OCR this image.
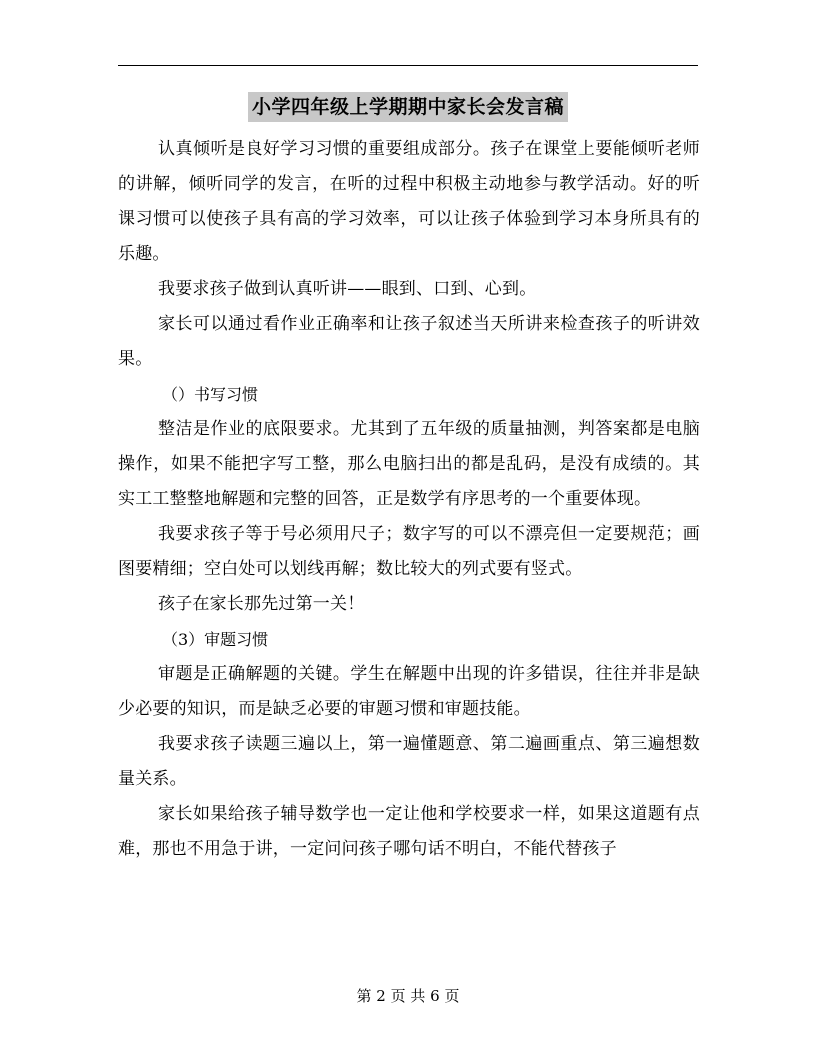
小学四年级上学期期中家长会发言稿

认真倾听是良好学习习惯的重要组成部分。孩子在课堂上要能倾听老师的讲解，倾听同学的发言，在听的过程中积极主动地参与教学活动。好的听课习惯可以使孩子具有高的学习效率，可以让孩子体验到学习本身所具有的乐趣。

我要求孩子做到认真听讲——眼到、口到、心到。

家长可以通过看作业正确率和让孩子叙述当天所讲来检查孩子的听讲效果。

（）书写习惯

整洁是作业的底限要求。尤其到了五年级的质量抽测，判答案都是电脑操作，如果不能把字写工整，那么电脑扫出的都是乱码，是没有成绩的。其实工工整整地解题和完整的回答，正是数学有序思考的一个重要体现。

我要求孩子等于号必须用尺子；数字写的可以不漂亮但一定要规范；画图要精细；空白处可以划线再解；数比较大的列式要有竖式。

孩子在家长那先过第一关！

（3）审题习惯

审题是正确解题的关键。学生在解题中出现的许多错误，往往并非是缺少必要的知识，而是缺乏必要的审题习惯和审题技能。

我要求孩子读题三遍以上，第一遍懂题意、第二遍画重点、第三遍想数量关系。

家长如果给孩子辅导数学也一定让他和学校要求一样，如果这道题有点难，那也不用急于讲，一定问问孩子哪句话不明白，不能代替孩子

第 2 页 共 6 页
